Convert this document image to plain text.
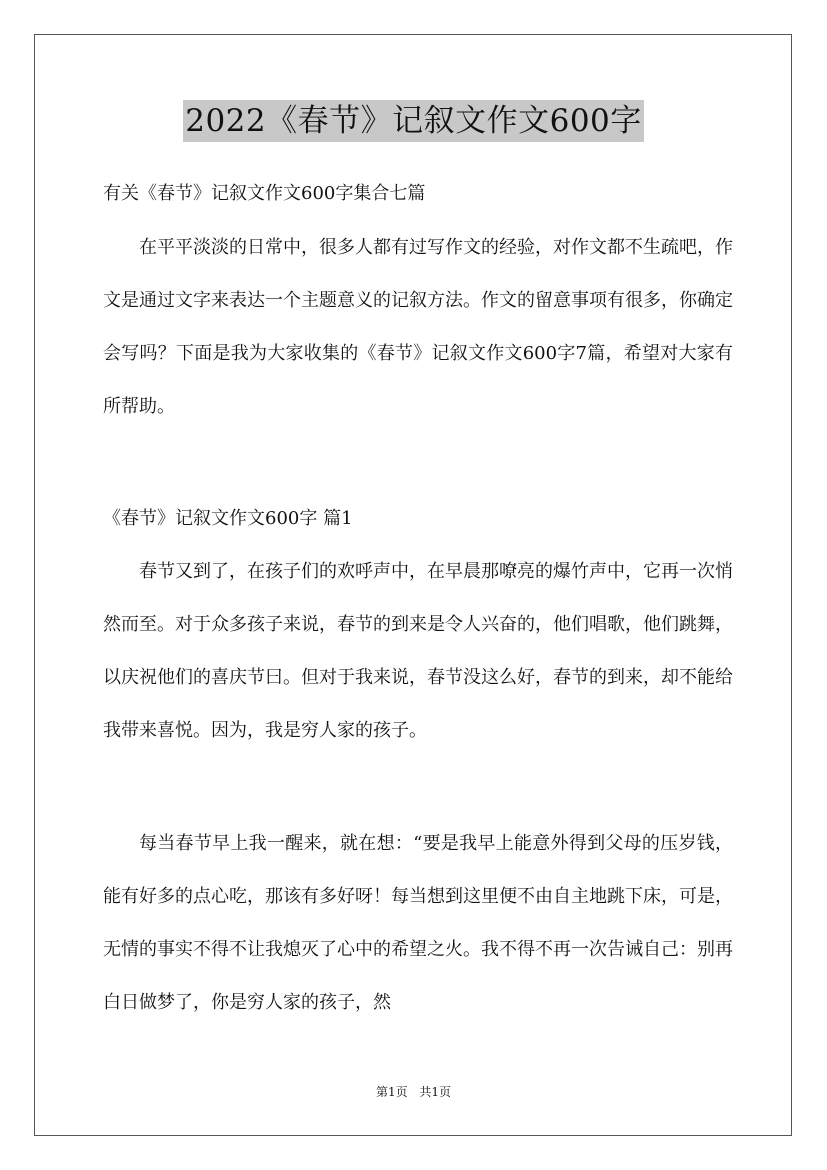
2022《春节》记叙文作文600字
有关《春节》记叙文作文600字集合七篇

在平平淡淡的日常中，很多人都有过写作文的经验，对作文都不生疏吧，作文是通过文字来表达一个主题意义的记叙方法。作文的留意事项有很多，你确定会写吗？下面是我为大家收集的《春节》记叙文作文600字7篇，希望对大家有所帮助。

《春节》记叙文作文600字 篇1

春节又到了，在孩子们的欢呼声中，在早晨那嘹亮的爆竹声中，它再一次悄然而至。对于众多孩子来说，春节的到来是令人兴奋的，他们唱歌，他们跳舞，以庆祝他们的喜庆节曰。但对于我来说，春节没这么好，春节的到来，却不能给我带来喜悦。因为，我是穷人家的孩子。

每当春节早上我一醒来，就在想：“要是我早上能意外得到父母的压岁钱，能有好多的点心吃，那该有多好呀！每当想到这里便不由自主地跳下床，可是，无情的事实不得不让我熄灭了心中的希望之火。我不得不再一次告诫自己：别再白日做梦了，你是穷人家的孩子，然

第1页 共1页
